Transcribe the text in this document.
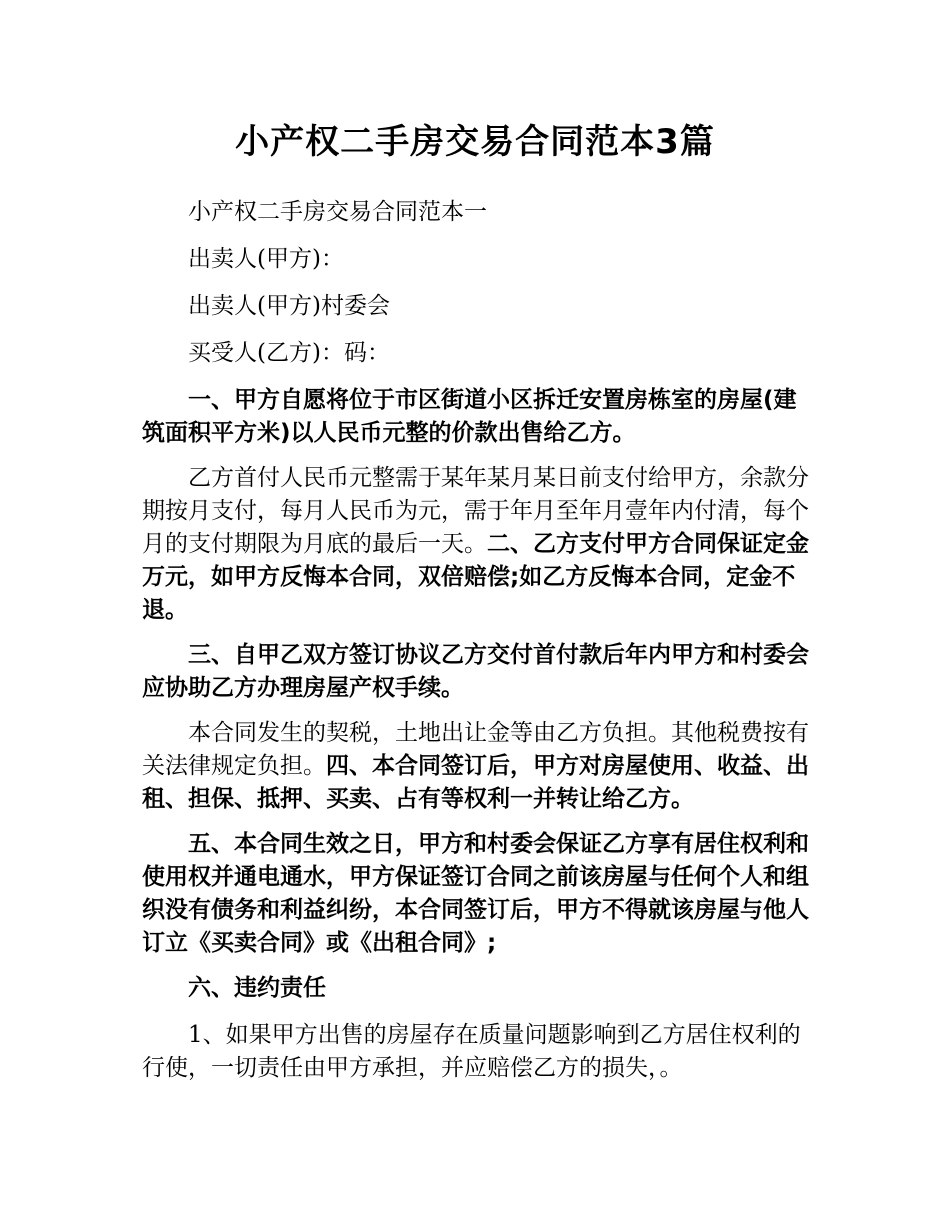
小产权二手房交易合同范本3篇

小产权二手房交易合同范本一

出卖人(甲方)：

出卖人(甲方)村委会

买受人(乙方)：码：

一、甲方自愿将位于市区街道小区拆迁安置房栋室的房屋(建筑面积平方米)以人民币元整的价款出售给乙方。

乙方首付人民币元整需于某年某月某日前支付给甲方，余款分期按月支付，每月人民币为元，需于年月至年月壹年内付清，每个月的支付期限为月底的最后一天。二、乙方支付甲方合同保证定金万元，如甲方反悔本合同，双倍赔偿;如乙方反悔本合同，定金不退。

三、自甲乙双方签订协议乙方交付首付款后年内甲方和村委会应协助乙方办理房屋产权手续。

本合同发生的契税，土地出让金等由乙方负担。其他税费按有关法律规定负担。四、本合同签订后，甲方对房屋使用、收益、出租、担保、抵押、买卖、占有等权利一并转让给乙方。

五、本合同生效之日，甲方和村委会保证乙方享有居住权利和使用权并通电通水，甲方保证签订合同之前该房屋与任何个人和组织没有债务和利益纠纷，本合同签订后，甲方不得就该房屋与他人订立《买卖合同》或《出租合同》;

六、违约责任

1、如果甲方出售的房屋存在质量问题影响到乙方居住权利的行使，一切责任由甲方承担，并应赔偿乙方的损失，。
